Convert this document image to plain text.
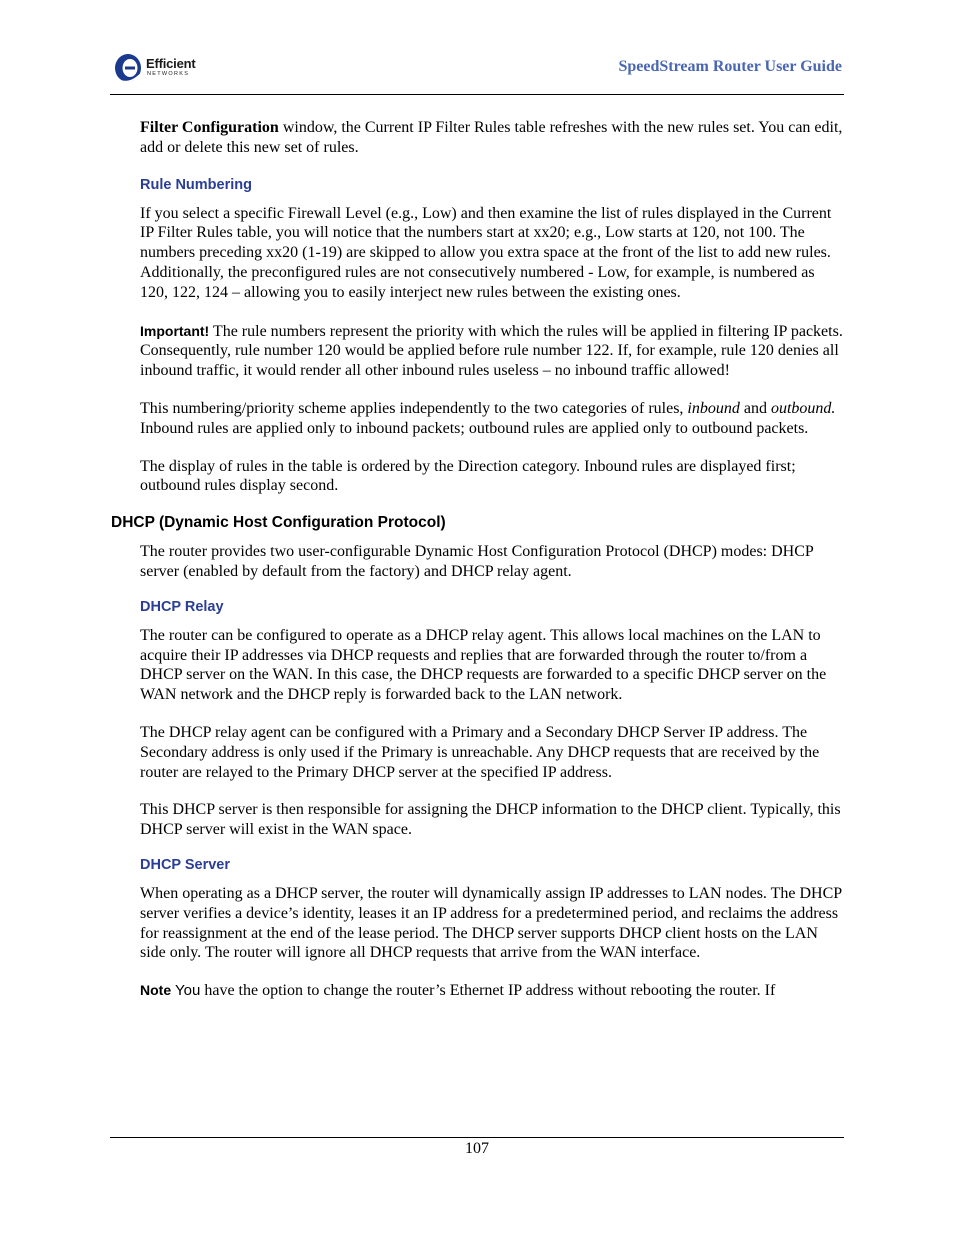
Efficient
NETWORKS	SpeedStream Router User Guide

Filter Configuration window, the Current IP Filter Rules table refreshes with the new rules set. You can edit, add or delete this new set of rules.

Rule Numbering

If you select a specific Firewall Level (e.g., Low) and then examine the list of rules displayed in the Current IP Filter Rules table, you will notice that the numbers start at xx20; e.g., Low starts at 120, not 100. The numbers preceding xx20 (1-19) are skipped to allow you extra space at the front of the list to add new rules. Additionally, the preconfigured rules are not consecutively numbered - Low, for example, is numbered as 120, 122, 124 – allowing you to easily interject new rules between the existing ones.

Important! The rule numbers represent the priority with which the rules will be applied in filtering IP packets. Consequently, rule number 120 would be applied before rule number 122. If, for example, rule 120 denies all inbound traffic, it would render all other inbound rules useless – no inbound traffic allowed!

This numbering/priority scheme applies independently to the two categories of rules, inbound and outbound. Inbound rules are applied only to inbound packets; outbound rules are applied only to outbound packets.

The display of rules in the table is ordered by the Direction category. Inbound rules are displayed first; outbound rules display second.

DHCP (Dynamic Host Configuration Protocol)

The router provides two user-configurable Dynamic Host Configuration Protocol (DHCP) modes: DHCP server (enabled by default from the factory) and DHCP relay agent.

DHCP Relay

The router can be configured to operate as a DHCP relay agent. This allows local machines on the LAN to acquire their IP addresses via DHCP requests and replies that are forwarded through the router to/from a DHCP server on the WAN. In this case, the DHCP requests are forwarded to a specific DHCP server on the WAN network and the DHCP reply is forwarded back to the LAN network.

The DHCP relay agent can be configured with a Primary and a Secondary DHCP Server IP address. The Secondary address is only used if the Primary is unreachable. Any DHCP requests that are received by the router are relayed to the Primary DHCP server at the specified IP address.

This DHCP server is then responsible for assigning the DHCP information to the DHCP client. Typically, this DHCP server will exist in the WAN space.

DHCP Server

When operating as a DHCP server, the router will dynamically assign IP addresses to LAN nodes. The DHCP server verifies a device’s identity, leases it an IP address for a predetermined period, and reclaims the address for reassignment at the end of the lease period. The DHCP server supports DHCP client hosts on the LAN side only. The router will ignore all DHCP requests that arrive from the WAN interface.

Note You have the option to change the router’s Ethernet IP address without rebooting the router. If

107
